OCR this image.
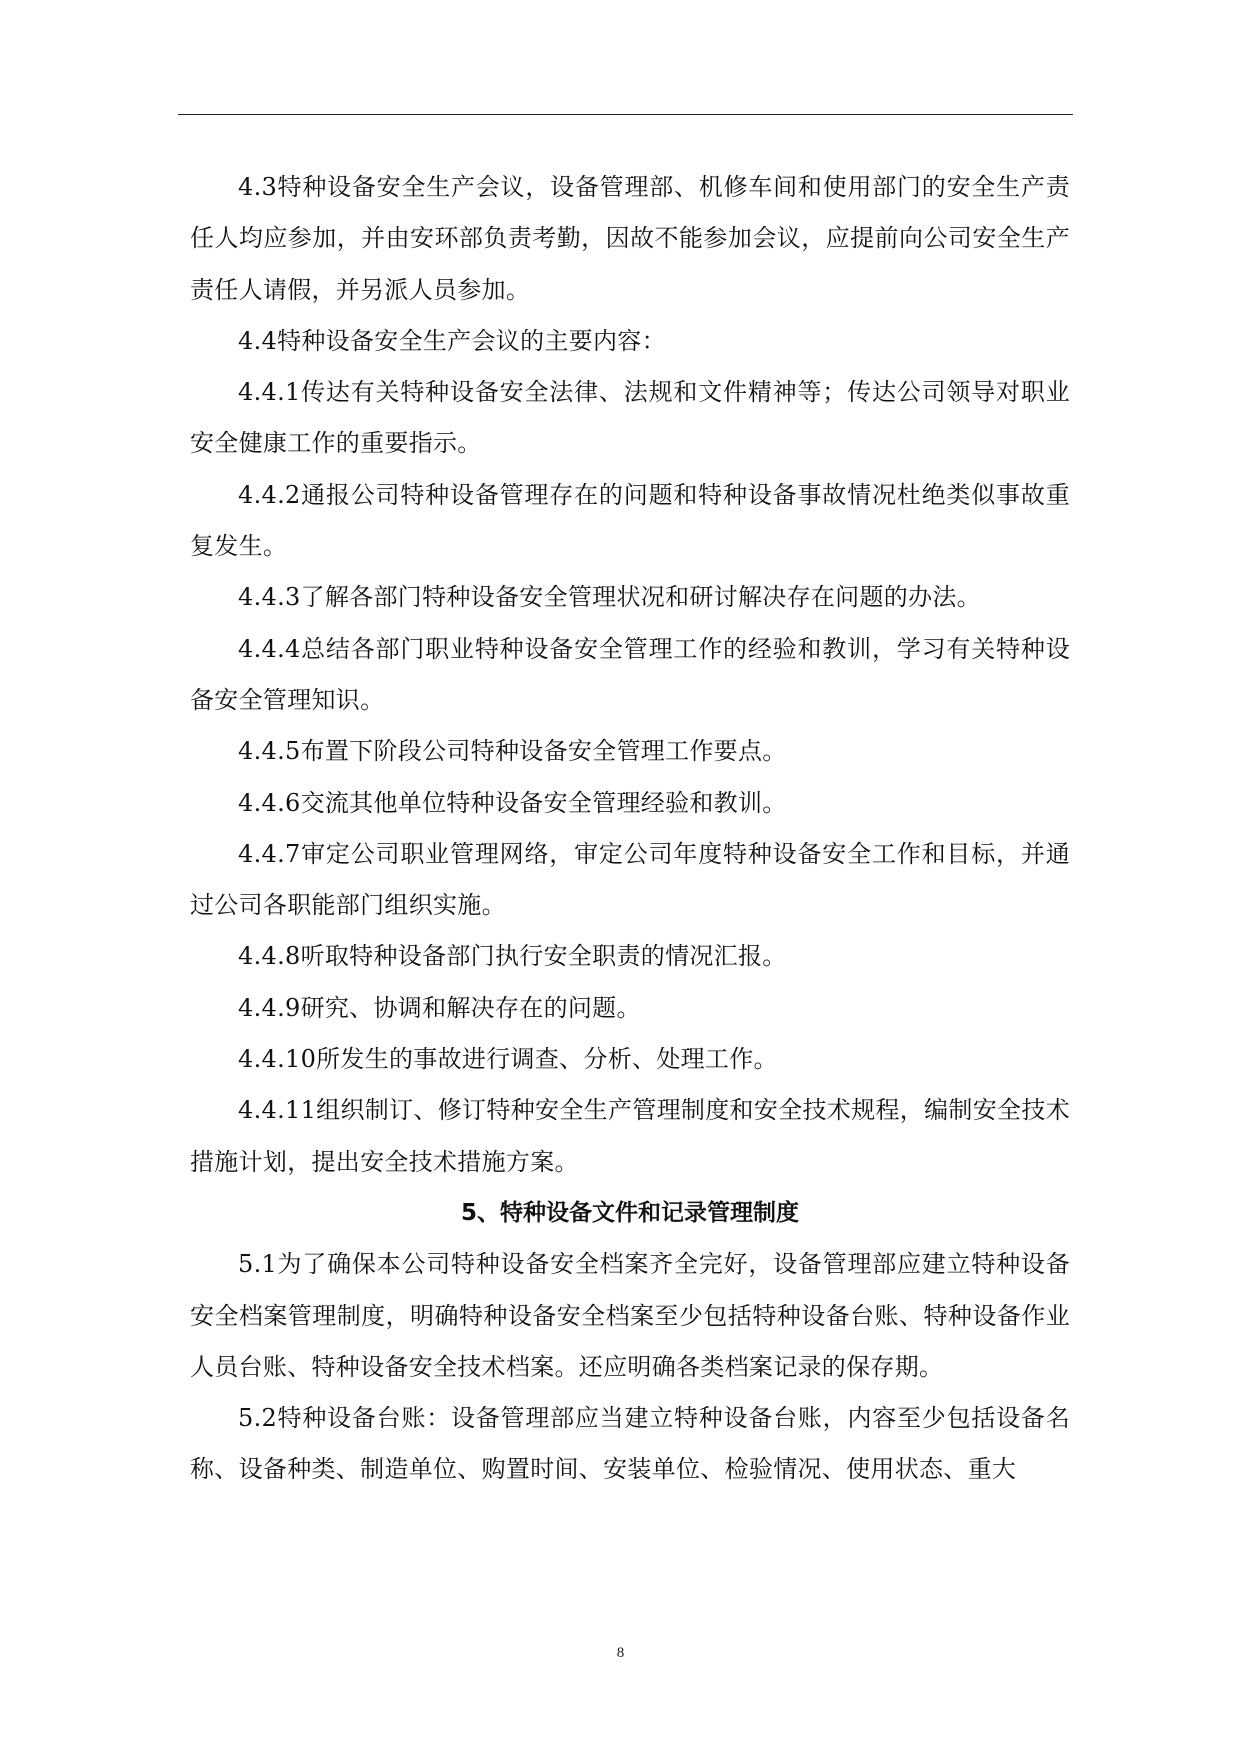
4.3特种设备安全生产会议，设备管理部、机修车间和使用部门的安全生产责任人均应参加，并由安环部负责考勤，因故不能参加会议，应提前向公司安全生产责任人请假，并另派人员参加。

4.4特种设备安全生产会议的主要内容：

4.4.1传达有关特种设备安全法律、法规和文件精神等；传达公司领导对职业安全健康工作的重要指示。

4.4.2通报公司特种设备管理存在的问题和特种设备事故情况杜绝类似事故重复发生。

4.4.3了解各部门特种设备安全管理状况和研讨解决存在问题的办法。

4.4.4总结各部门职业特种设备安全管理工作的经验和教训，学习有关特种设备安全管理知识。

4.4.5布置下阶段公司特种设备安全管理工作要点。

4.4.6交流其他单位特种设备安全管理经验和教训。

4.4.7审定公司职业管理网络，审定公司年度特种设备安全工作和目标，并通过公司各职能部门组织实施。

4.4.8听取特种设备部门执行安全职责的情况汇报。

4.4.9研究、协调和解决存在的问题。

4.4.10所发生的事故进行调查、分析、处理工作。

4.4.11组织制订、修订特种安全生产管理制度和安全技术规程，编制安全技术措施计划，提出安全技术措施方案。

5、特种设备文件和记录管理制度

5.1为了确保本公司特种设备安全档案齐全完好，设备管理部应建立特种设备安全档案管理制度，明确特种设备安全档案至少包括特种设备台账、特种设备作业人员台账、特种设备安全技术档案。还应明确各类档案记录的保存期。

5.2特种设备台账：设备管理部应当建立特种设备台账，内容至少包括设备名称、设备种类、制造单位、购置时间、安装单位、检验情况、使用状态、重大

8
